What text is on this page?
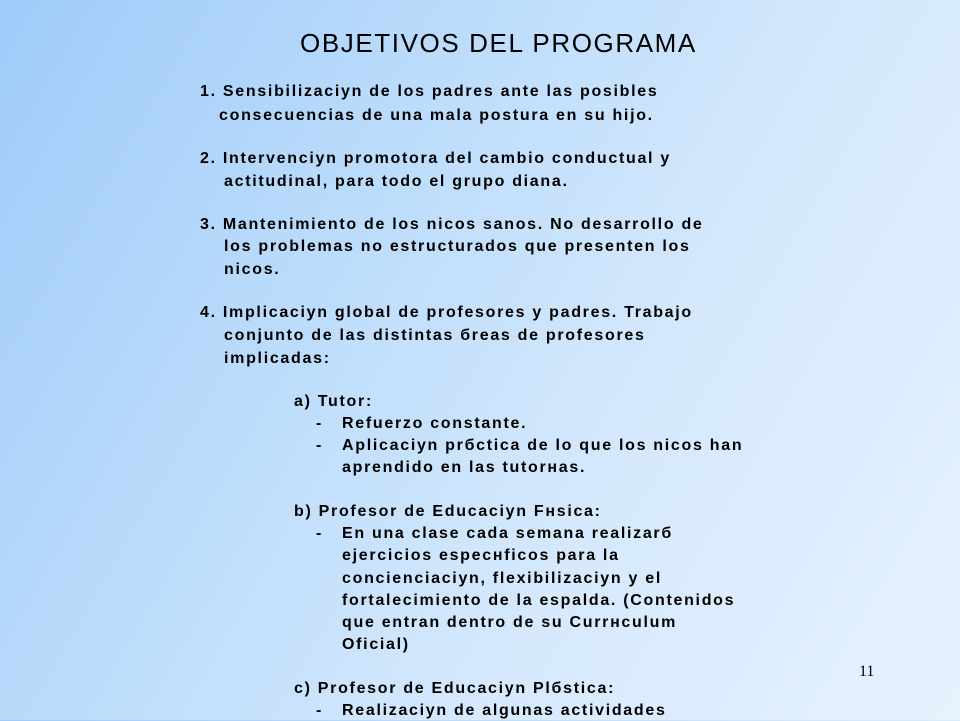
OBJETIVOS DEL PROGRAMA
1. Sensibilizaciуn de los padres ante las posibles
consecuencias de una mala postura en su hijo.
2. Intervenciуn promotora del cambio conductual y
actitudinal, para todo el grupo diana.
3. Mantenimiento de los niсos sanos. No desarrollo de
los problemas no estructurados que presenten los
niсos.
4. Implicaciуn global de profesores y padres. Trabajo
conjunto de las distintas бreas de profesores
implicadas:
a) Tutor:
- Refuerzo constante.
- Aplicaciуn prбctica de lo que los niсos han
aprendido en las tutorнas.
b) Profesor de Educaciуn Fнsica:
- En una clase cada semana realizarб
ejercicios especнficos para la
concienciaciуn, flexibilizaciуn y el
fortalecimiento de la espalda. (Contenidos
que entran dentro de su Currнculum
Oficial)
c) Profesor de Educaciуn Plбstica:
- Realizaciуn de algunas actividades
11
